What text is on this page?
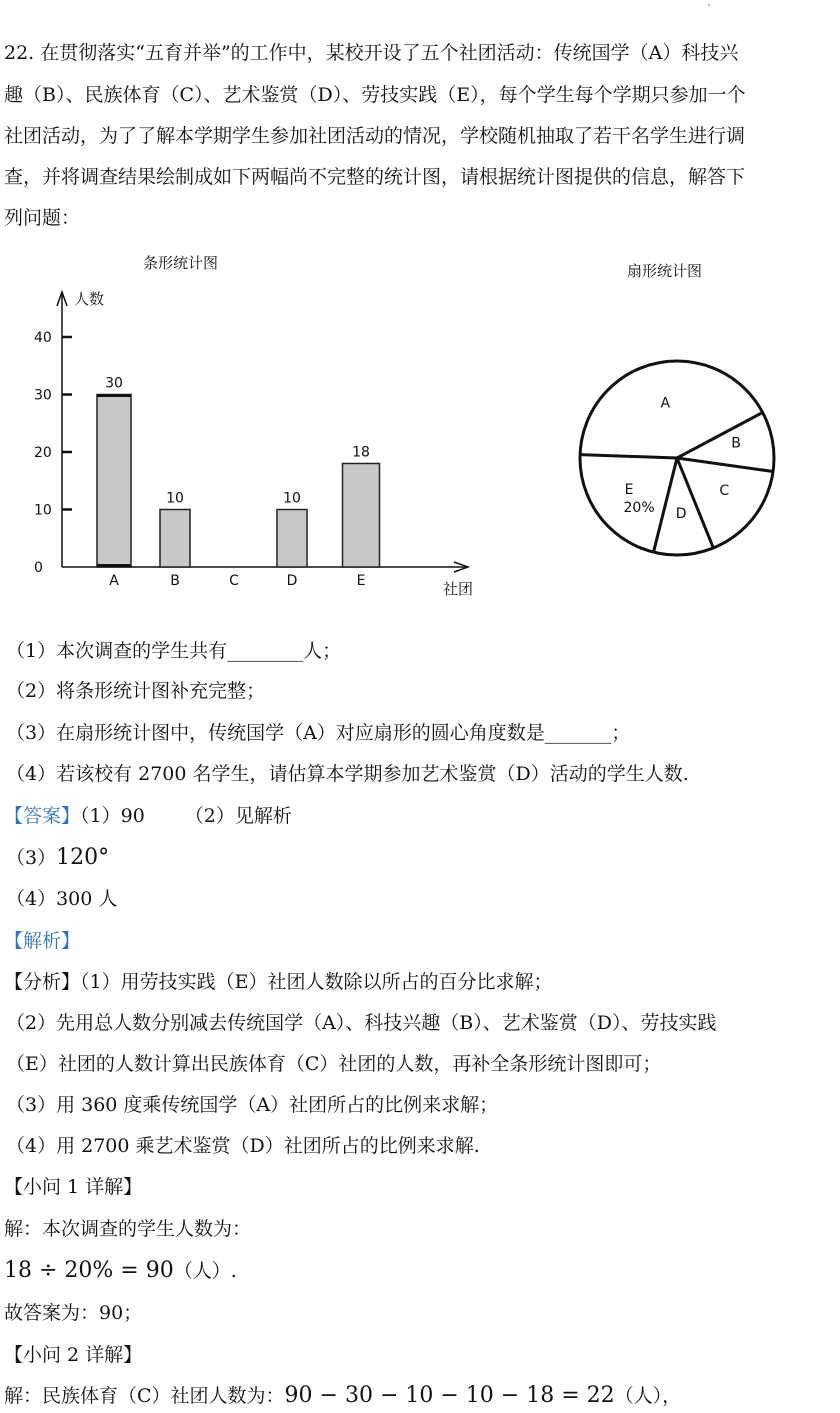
22. 在贯彻落实“五育并举”的工作中，某校开设了五个社团活动：传统国学（A）科技兴
趣（B）、民族体育（C）、艺术鉴赏（D）、劳技实践（E），每个学生每个学期只参加一个
社团活动，为了了解本学期学生参加社团活动的情况，学校随机抽取了若干名学生进行调
查，并将调查结果绘制成如下两幅尚不完整的统计图，请根据统计图提供的信息，解答下
列问题：
条形统计图	扇形统计图
人数
社团
0
10
20
30
40
30
A
10
B	C
10
D
18
E
A
B
C
D
E
20%
（1）本次调查的学生共有________人；
（2）将条形统计图补充完整；
（3）在扇形统计图中，传统国学（A）对应扇形的圆心角度数是_______；
（4）若该校有 2700 名学生，请估算本学期参加艺术鉴赏（D）活动的学生人数.
【答案】（1）90 （2）见解析
（3）120°
（4）300 人
【解析】
【分析】（1）用劳技实践（E）社团人数除以所占的百分比求解；
（2）先用总人数分别减去传统国学（A）、科技兴趣（B）、艺术鉴赏（D）、劳技实践
（E）社团的人数计算出民族体育（C）社团的人数，再补全条形统计图即可；
（3）用 360 度乘传统国学（A）社团所占的比例来求解；
（4）用 2700 乘艺术鉴赏（D）社团所占的比例来求解.
【小问 1 详解】
解：本次调查的学生人数为：
18 ÷ 20% = 90（人）.
故答案为：90；
【小问 2 详解】
解：民族体育（C）社团人数为：90 − 30 − 10 − 10 − 18 = 22（人），
